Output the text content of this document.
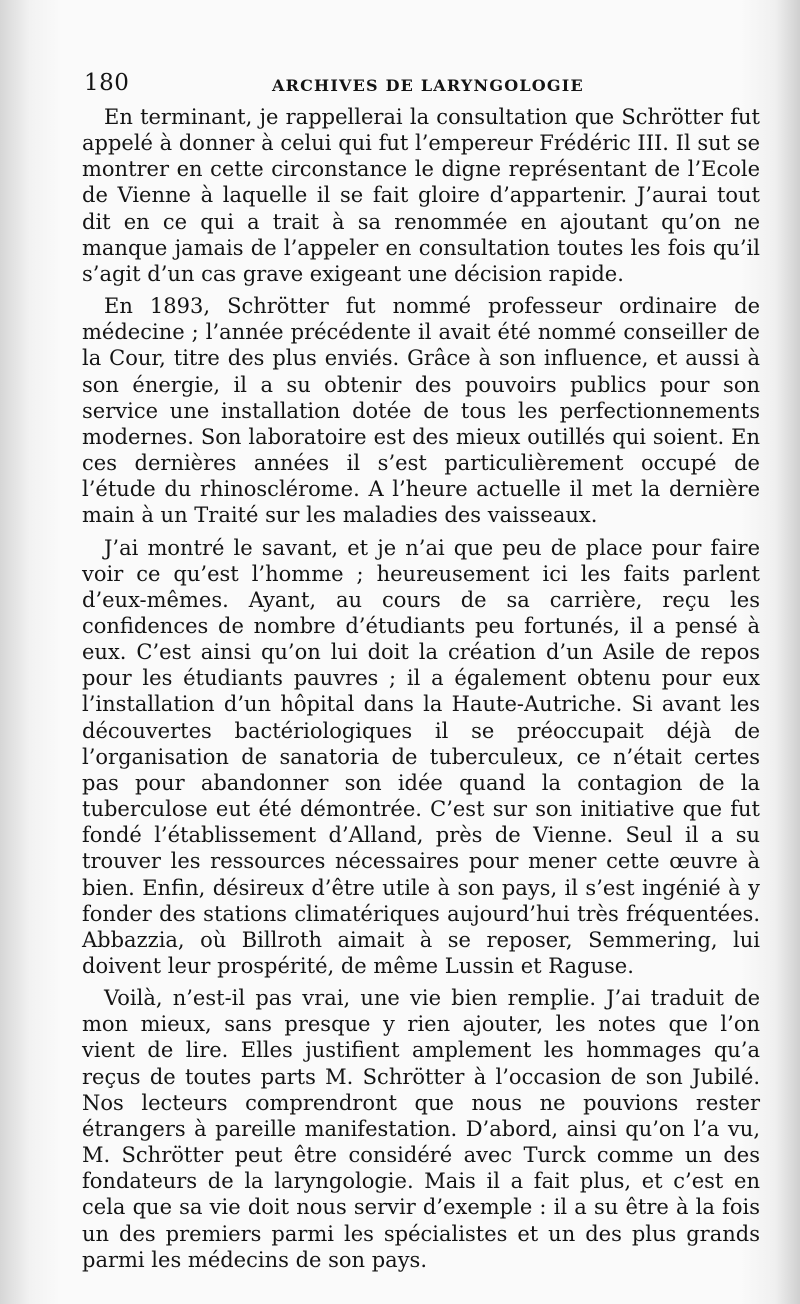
180	ARCHIVES DE LARYNGOLOGIE

En terminant, je rappellerai la consultation que Schrötter fut appelé à donner à celui qui fut l’empereur Frédéric III. Il sut se montrer en cette circonstance le digne représentant de l’Ecole de Vienne à laquelle il se fait gloire d’appartenir. J’aurai tout dit en ce qui a trait à sa renommée en ajoutant qu’on ne manque jamais de l’appeler en consultation toutes les fois qu’il s’agit d’un cas grave exigeant une décision rapide.

En 1893, Schrötter fut nommé professeur ordinaire de médecine ; l’année précédente il avait été nommé conseiller de la Cour, titre des plus enviés. Grâce à son influence, et aussi à son énergie, il a su obtenir des pouvoirs publics pour son service une installation dotée de tous les perfectionnements modernes. Son laboratoire est des mieux outillés qui soient. En ces dernières années il s’est particulièrement occupé de l’étude du rhinosclérome. A l’heure actuelle il met la dernière main à un Traité sur les maladies des vaisseaux.

J’ai montré le savant, et je n’ai que peu de place pour faire voir ce qu’est l’homme ; heureusement ici les faits parlent d’eux-mêmes. Ayant, au cours de sa carrière, reçu les confidences de nombre d’étudiants peu fortunés, il a pensé à eux. C’est ainsi qu’on lui doit la création d’un Asile de repos pour les étudiants pauvres ; il a également obtenu pour eux l’installation d’un hôpital dans la Haute-Autriche. Si avant les découvertes bactériologiques il se préoccupait déjà de l’organisation de sanatoria de tuberculeux, ce n’était certes pas pour abandonner son idée quand la contagion de la tuberculose eut été démontrée. C’est sur son initiative que fut fondé l’établissement d’Alland, près de Vienne. Seul il a su trouver les ressources nécessaires pour mener cette œuvre à bien. Enfin, désireux d’être utile à son pays, il s’est ingénié à y fonder des stations climatériques aujourd’hui très fréquentées. Abbazzia, où Billroth aimait à se reposer, Semmering, lui doivent leur prospérité, de même Lussin et Raguse.

Voilà, n’est-il pas vrai, une vie bien remplie. J’ai traduit de mon mieux, sans presque y rien ajouter, les notes que l’on vient de lire. Elles justifient amplement les hommages qu’a reçus de toutes parts M. Schrötter à l’occasion de son Jubilé. Nos lecteurs comprendront que nous ne pouvions rester étrangers à pareille manifestation. D’abord, ainsi qu’on l’a vu, M. Schrötter peut être considéré avec Turck comme un des fondateurs de la laryngologie. Mais il a fait plus, et c’est en cela que sa vie doit nous servir d’exemple : il a su être à la fois un des premiers parmi les spécialistes et un des plus grands parmi les médecins de son pays.
